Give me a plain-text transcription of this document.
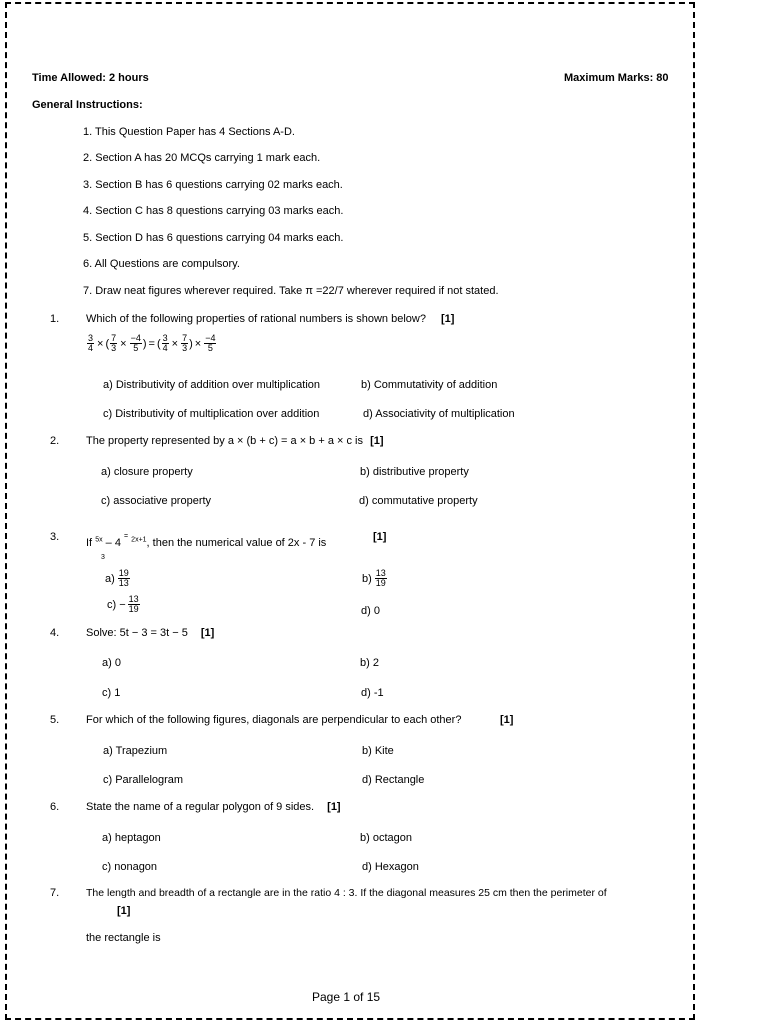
Time Allowed: 2 hours	Maximum Marks: 80
General Instructions:
1. This Question Paper has 4 Sections A-D.
2. Section A has 20 MCQs carrying 1 mark each.
3. Section B has 6 questions carrying 02 marks each.
4. Section C has 8 questions carrying 03 marks each.
5. Section D has 6 questions carrying 04 marks each.
6. All Questions are compulsory.
7. Draw neat figures wherever required. Take π =22/7 wherever required if not stated.
1. Which of the following properties of rational numbers is shown below? [1]
$\frac{3}{4}$ × ( $\frac{7}{3} \times \frac{-4}{5}$ ) = ( $\frac{3}{4} \times \frac{7}{3}$ ) × $\frac{-4}{5}$
a) Distributivity of addition over multiplication	b) Commutativity of addition
c) Distributivity of multiplication over addition	d) Associativity of multiplication
2. The property represented by a × (b + c) = a × b + a × c is [1]
a) closure property	b) distributive property
c) associative property	d) commutative property
3. If $^{5x}$ – 4 = $^{2x+1}$, then the numerical value of 2x - 7 is	[1]
3
$a) \frac{19}{13}$	$b) \frac{13}{19}$
$c) - \frac{13}{19}$	d) 0
4. Solve: 5t − 3 = 3t − 5 [1]
a) 0	b) 2
c) 1	d) -1
5. For which of the following figures, diagonals are perpendicular to each other?	[1]
a) Trapezium	b) Kite
c) Parallelogram	d) Rectangle
6. State the name of a regular polygon of 9 sides. [1]
a) heptagon	b) octagon
c) nonagon	d) Hexagon
7.	The length and breadth of a rectangle are in the ratio 4 : 3. If the diagonal measures 25 cm then the perimeter of
[1]
the rectangle is
Page 1 of 15
